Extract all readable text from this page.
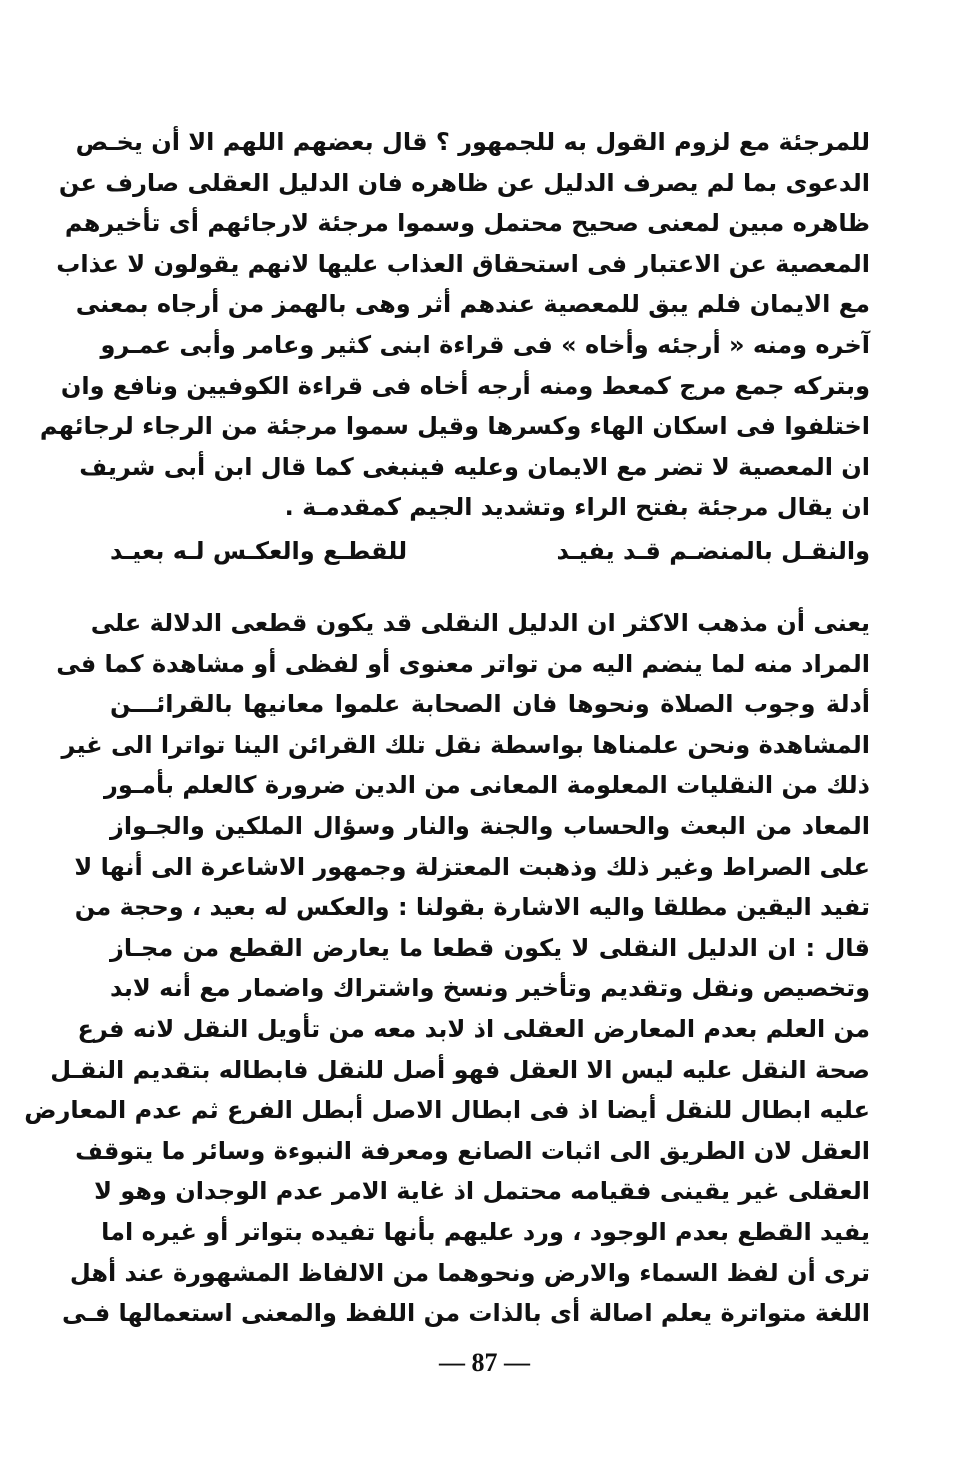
للمرجئة مع لزوم القول به للجمهور ؟ قال بعضهم اللهم الا أن يخـص
الدعوى بما لم يصرف الدليل عن ظاهره فان الدليل العقلى صارف عن
ظاهره مبين لمعنى صحيح محتمل وسموا مرجئة لارجائهم أى تأخيرهم
المعصية عن الاعتبار فى استحقاق العذاب عليها لانهم يقولون لا عذاب
مع الايمان فلم يبق للمعصية عندهم أثر وهى بالهمز من أرجاه بمعنى
آخره ومنه « أرجئه وأخاه » فى قراءة ابنى كثير وعامر وأبى عمـرو
وبتركه جمع مرج كمعط ومنه أرجه أخاه فى قراءة الكوفيين ونافع وان
اختلفوا فى اسكان الهاء وكسرها وقيل سموا مرجئة من الرجاء لرجائهم
ان المعصية لا تضر مع الايمان وعليه فينبغى كما قال ابن أبى شريف
ان يقال مرجئة بفتح الراء وتشديد الجيم كمقدمـة .
والنقـل بالمنضـم قـد يفيـد
للقطـع والعكـس لـه بعيـد
يعنى أن مذهب الاكثر ان الدليل النقلى قد يكون قطعى الدلالة على
المراد منه لما ينضم اليه من تواتر معنوى أو لفظى أو مشاهدة كما فى
أدلة وجوب الصلاة ونحوها فان الصحابة علموا معانيها بالقرائـــن
المشاهدة ونحن علمناها بواسطة نقل تلك القرائن الينا تواترا الى غير
ذلك من النقليات المعلومة المعانى من الدين ضرورة كالعلم بأمـور
المعاد من البعث والحساب والجنة والنار وسؤال الملكين والجـواز
على الصراط وغير ذلك وذهبت المعتزلة وجمهور الاشاعرة الى أنها لا
تفيد اليقين مطلقا واليه الاشارة بقولنا : والعكس له بعيد ، وحجة من
قال : ان الدليل النقلى لا يكون قطعا ما يعارض القطع من مجـاز
وتخصيص ونقل وتقديم وتأخير ونسخ واشتراك واضمار مع أنه لابد
من العلم بعدم المعارض العقلى اذ لابد معه من تأويل النقل لانه فرع
صحة النقل عليه ليس الا العقل فهو أصل للنقل فابطاله بتقديم النقـل
عليه ابطال للنقل أيضا اذ فى ابطال الاصل أبطل الفرع ثم عدم المعارض
العقل لان الطريق الى اثبات الصانع ومعرفة النبوءة وسائر ما يتوقف
العقلى غير يقينى فقيامه محتمل اذ غاية الامر عدم الوجدان وهو لا
يفيد القطع بعدم الوجود ، ورد عليهم بأنها تفيده بتواتر أو غيره اما
ترى أن لفظ السماء والارض ونحوهما من الالفاظ المشهورة عند أهل
اللغة متواترة يعلم اصالة أى بالذات من اللفظ والمعنى استعمالها فـى
— 87 —
